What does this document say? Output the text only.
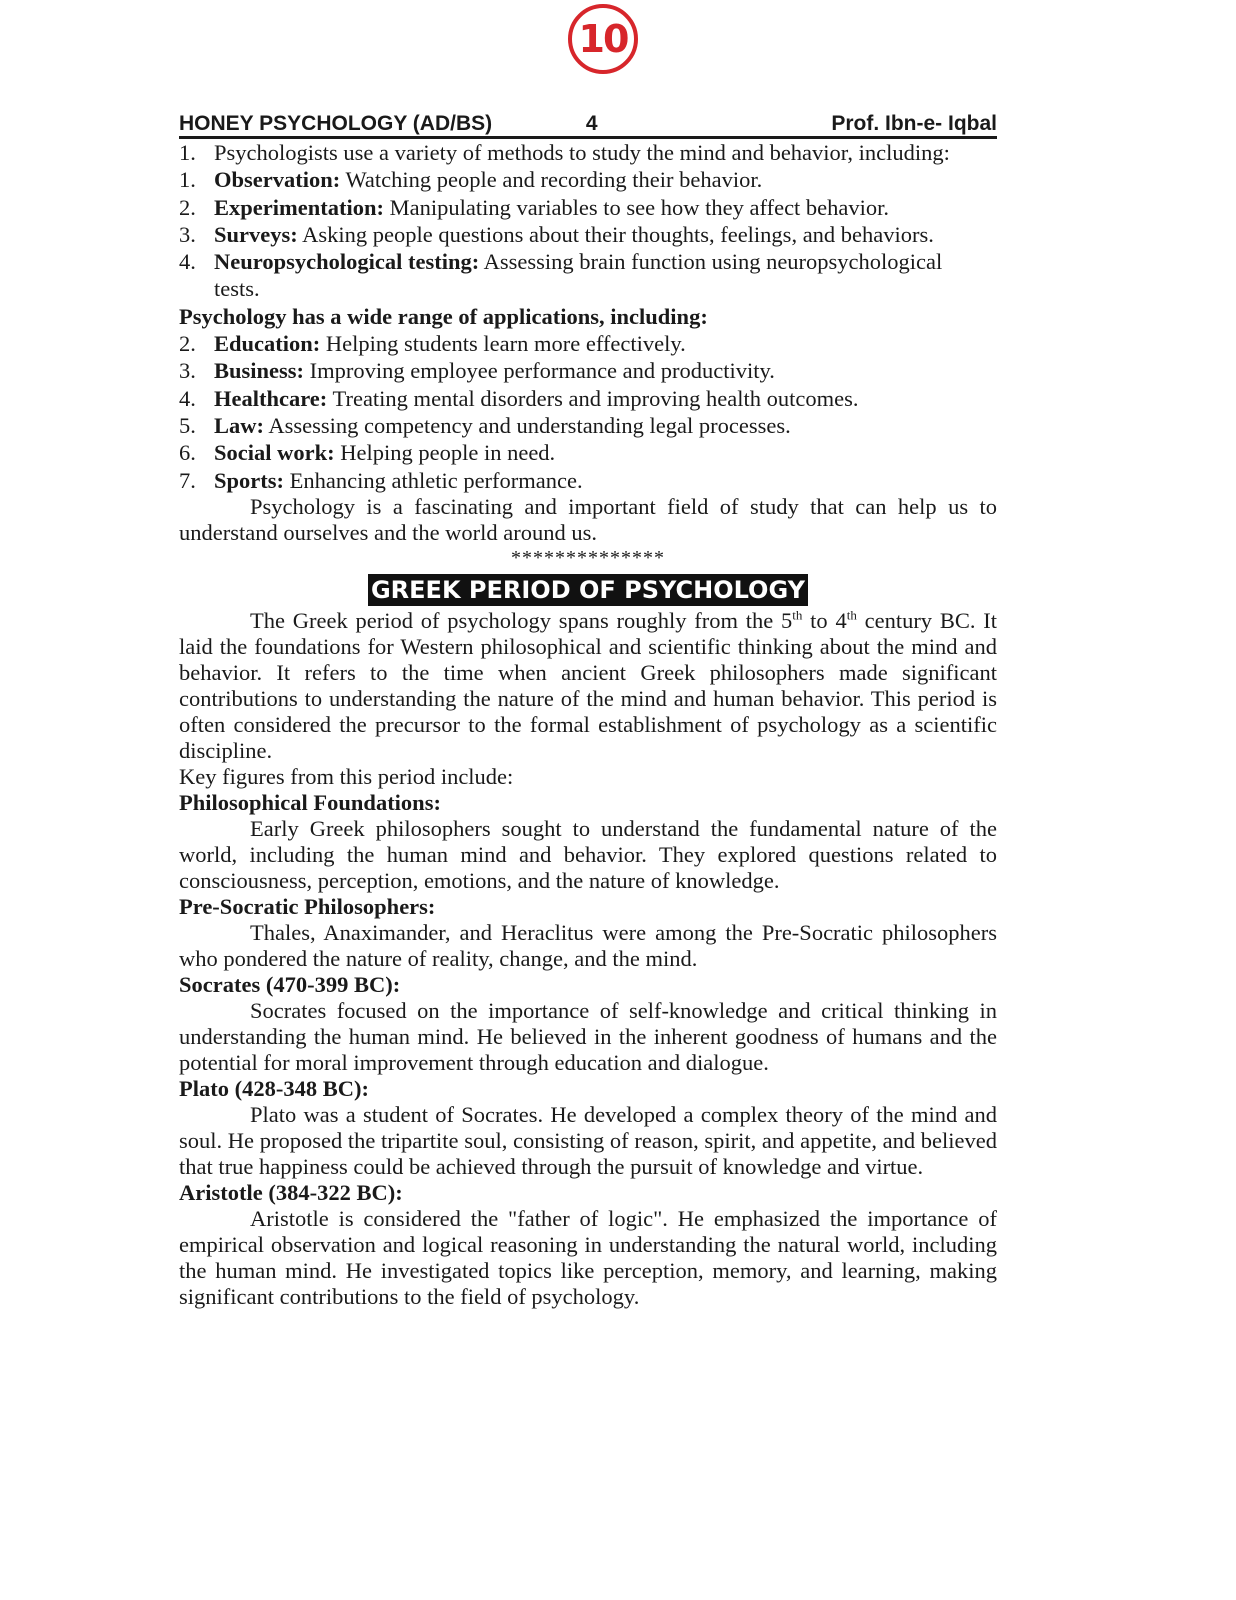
10
HONEY PSYCHOLOGY (AD/BS)	4	Prof. Ibn-e- Iqbal
1. Psychologists use a variety of methods to study the mind and behavior, including:
1. Observation: Watching people and recording their behavior.
2. Experimentation: Manipulating variables to see how they affect behavior.
3. Surveys: Asking people questions about their thoughts, feelings, and behaviors.
4. Neuropsychological testing: Assessing brain function using neuropsychological
tests.
Psychology has a wide range of applications, including:
2. Education: Helping students learn more effectively.
3. Business: Improving employee performance and productivity.
4. Healthcare: Treating mental disorders and improving health outcomes.
5. Law: Assessing competency and understanding legal processes.
6. Social work: Helping people in need.
7. Sports: Enhancing athletic performance.
Psychology is a fascinating and important field of study that can help us to understand ourselves and the world around us.
**************
GREEK PERIOD OF PSYCHOLOGY
The Greek period of psychology spans roughly from the 5th to 4th century BC. It laid the foundations for Western philosophical and scientific thinking about the mind and behavior. It refers to the time when ancient Greek philosophers made significant contributions to understanding the nature of the mind and human behavior. This period is often considered the precursor to the formal establishment of psychology as a scientific discipline.
Key figures from this period include:
Philosophical Foundations:
Early Greek philosophers sought to understand the fundamental nature of the world, including the human mind and behavior. They explored questions related to consciousness, perception, emotions, and the nature of knowledge.
Pre-Socratic Philosophers:
Thales, Anaximander, and Heraclitus were among the Pre-Socratic philosophers who pondered the nature of reality, change, and the mind.
Socrates (470-399 BC):
Socrates focused on the importance of self-knowledge and critical thinking in understanding the human mind. He believed in the inherent goodness of humans and the potential for moral improvement through education and dialogue.
Plato (428-348 BC):
Plato was a student of Socrates. He developed a complex theory of the mind and soul. He proposed the tripartite soul, consisting of reason, spirit, and appetite, and believed that true happiness could be achieved through the pursuit of knowledge and virtue.
Aristotle (384-322 BC):
Aristotle is considered the "father of logic". He emphasized the importance of empirical observation and logical reasoning in understanding the natural world, including the human mind. He investigated topics like perception, memory, and learning, making significant contributions to the field of psychology.
